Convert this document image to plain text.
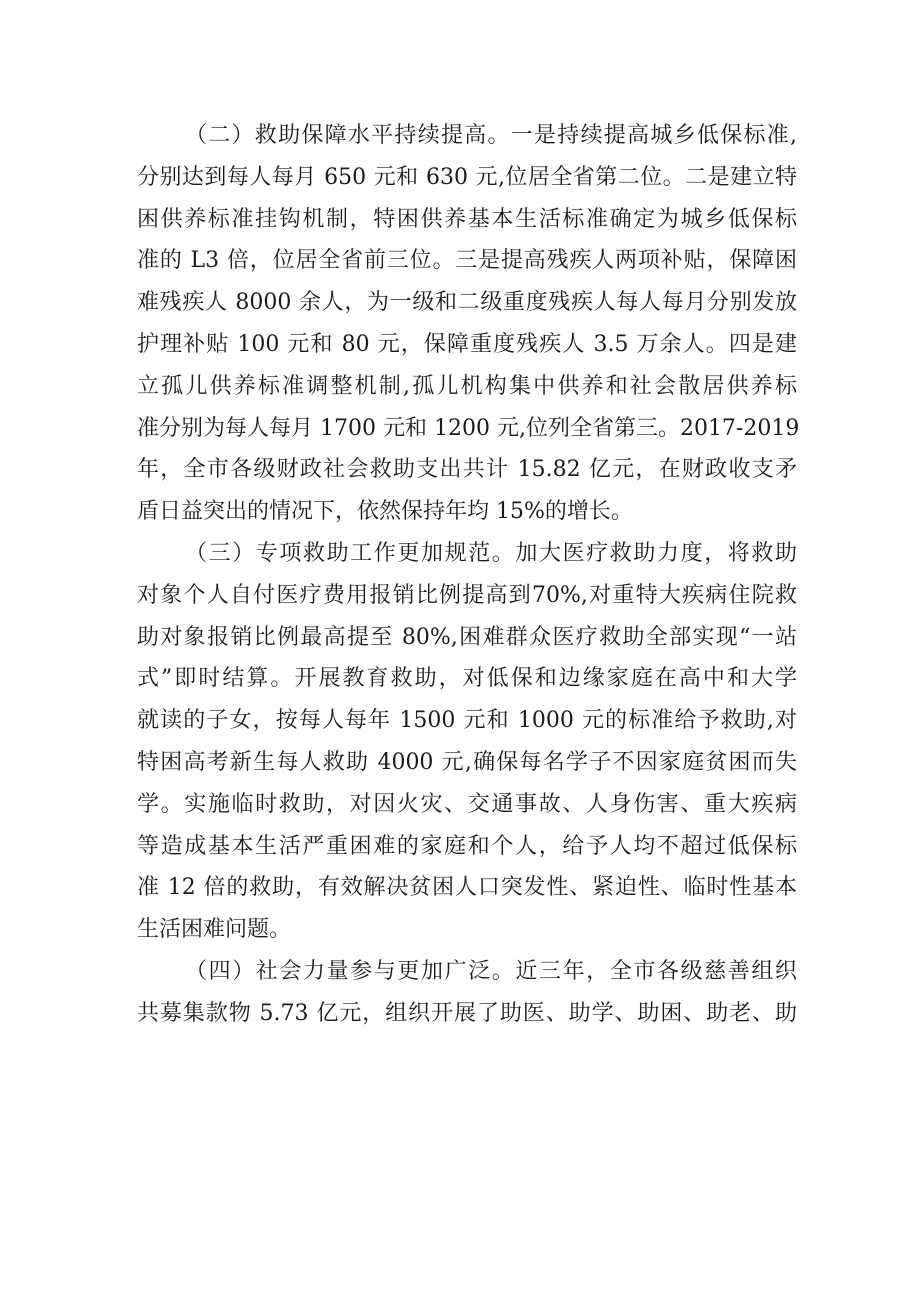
（二）救助保障水平持续提高。一是持续提高城乡低保标准,
分别达到每人每月 650 元和 630 元,位居全省第二位。二是建立特
困供养标准挂钩机制，特困供养基本生活标准确定为城乡低保标
准的 L3 倍，位居全省前三位。三是提高残疾人两项补贴，保障困
难残疾人 8000 余人，为一级和二级重度残疾人每人每月分别发放
护理补贴 100 元和 80 元，保障重度残疾人 3.5 万余人。四是建
立孤儿供养标准调整机制,孤儿机构集中供养和社会散居供养标
准分别为每人每月 1700 元和 1200 元,位列全省第三。2017-2019
年，全市各级财政社会救助支出共计 15.82 亿元，在财政收支矛
盾日益突出的情况下，依然保持年均 15%的增长。
（三）专项救助工作更加规范。加大医疗救助力度，将救助
对象个人自付医疗费用报销比例提高到70%,对重特大疾病住院救
助对象报销比例最高提至 80%,困难群众医疗救助全部实现“一站
式”即时结算。开展教育救助，对低保和边缘家庭在高中和大学
就读的子女，按每人每年 1500 元和 1000 元的标准给予救助,对
特困高考新生每人救助 4000 元,确保每名学子不因家庭贫困而失
学。实施临时救助，对因火灾、交通事故、人身伤害、重大疾病
等造成基本生活严重困难的家庭和个人，给予人均不超过低保标
准 12 倍的救助，有效解决贫困人口突发性、紧迫性、临时性基本
生活困难问题。
（四）社会力量参与更加广泛。近三年，全市各级慈善组织
共募集款物 5.73 亿元，组织开展了助医、助学、助困、助老、助
